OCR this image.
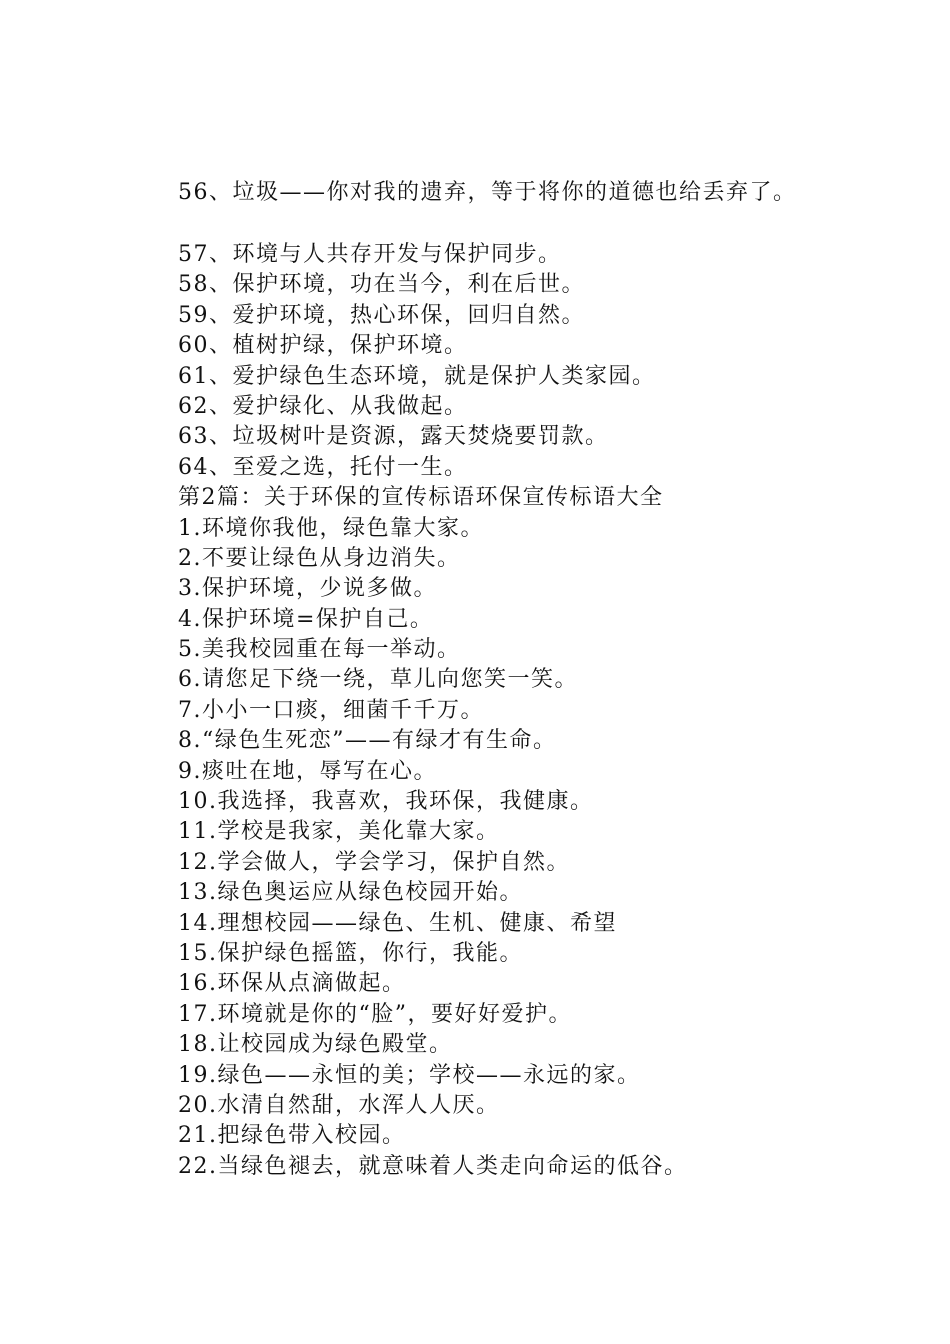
56、垃圾——你对我的遗弃，等于将你的道德也给丢弃了。
57、环境与人共存开发与保护同步。
58、保护环境，功在当今，利在后世。
59、爱护环境，热心环保，回归自然。
60、植树护绿，保护环境。
61、爱护绿色生态环境，就是保护人类家园。
62、爱护绿化、从我做起。
63、垃圾树叶是资源，露天焚烧要罚款。
64、至爱之选，托付一生。
第2篇：关于环保的宣传标语环保宣传标语大全
1.环境你我他，绿色靠大家。
2.不要让绿色从身边消失。
3.保护环境，少说多做。
4.保护环境=保护自己。
5.美我校园重在每一举动。
6.请您足下绕一绕，草儿向您笑一笑。
7.小小一口痰，细菌千千万。
8.“绿色生死恋”——有绿才有生命。
9.痰吐在地，辱写在心。
10.我选择，我喜欢，我环保，我健康。
11.学校是我家，美化靠大家。
12.学会做人，学会学习，保护自然。
13.绿色奥运应从绿色校园开始。
14.理想校园——绿色、生机、健康、希望
15.保护绿色摇篮，你行，我能。
16.环保从点滴做起。
17.环境就是你的“脸”，要好好爱护。
18.让校园成为绿色殿堂。
19.绿色——永恒的美；学校——永远的家。
20.水清自然甜，水浑人人厌。
21.把绿色带入校园。
22.当绿色褪去，就意味着人类走向命运的低谷。
